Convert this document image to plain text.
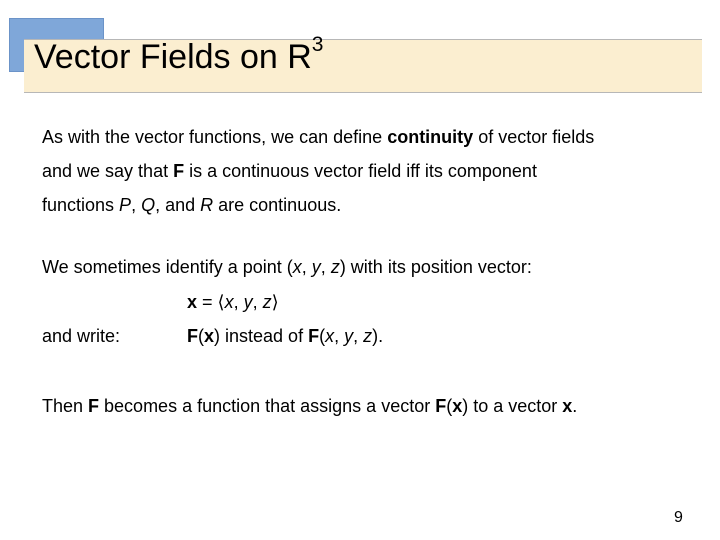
Vector Fields on $R^3$
As with the vector functions, we can define continuity of vector fields
and we say that F is a continuous vector field iff its component
functions P, Q, and R are continuous.
We sometimes identify a point (x, y, z) with its position vector:
x = ⟨x, y, z⟩
and write:	F(x) instead of F(x, y, z).
Then F becomes a function that assigns a vector F(x) to a vector x.
9
